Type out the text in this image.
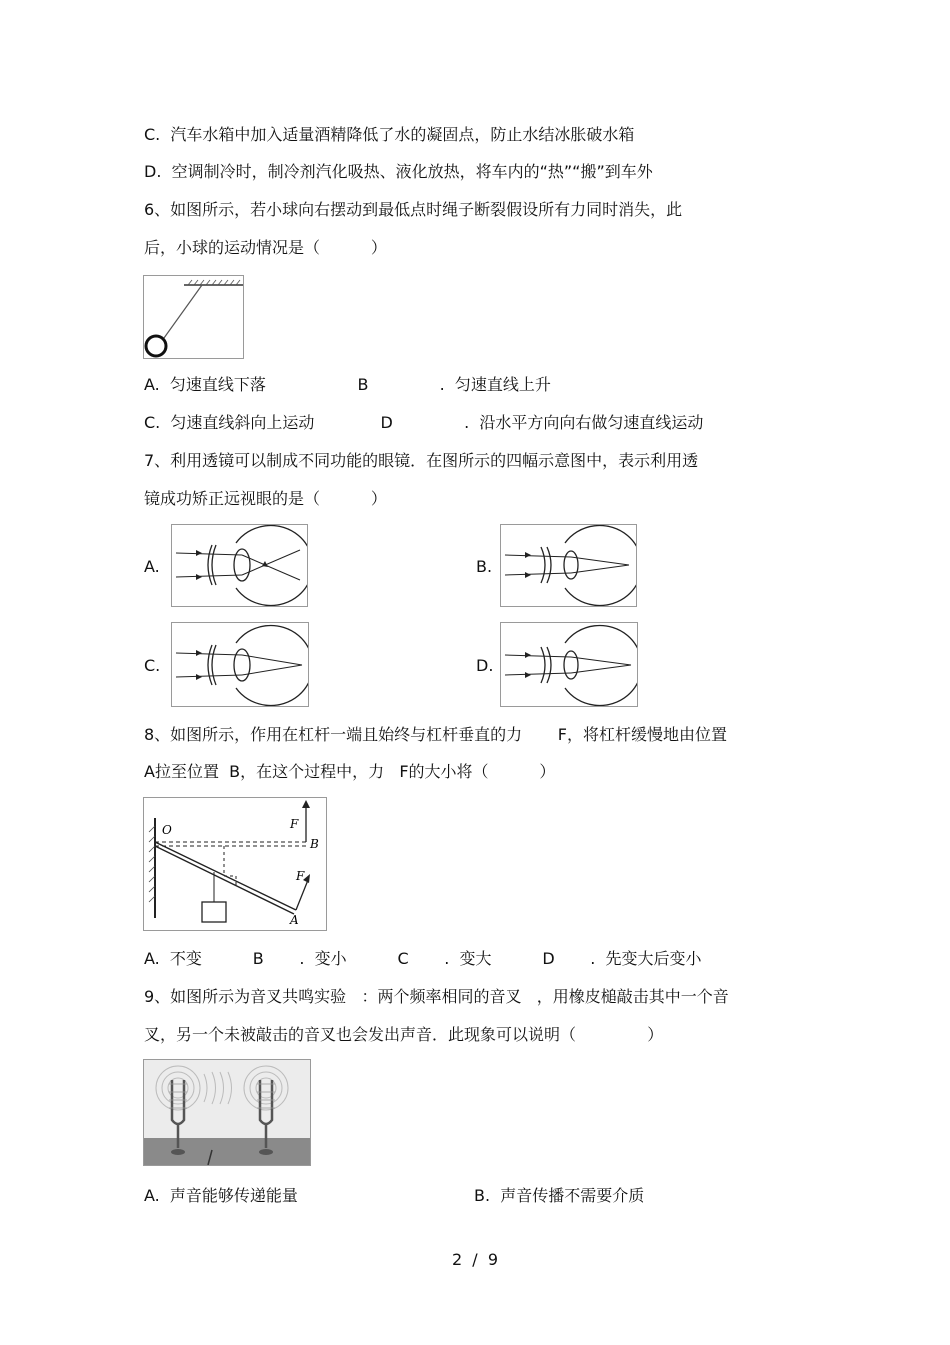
C.  汽车水箱中加入适量酒精降低了水的凝固点，防止水结冰胀破水箱
D.  空调制冷时，制冷剂汽化吸热、液化放热，将车内的“热”“搬”到车外
6、如图所示，若小球向右摆动到最低点时绳子断裂假设所有力同时消失，此
后，小球的运动情况是（          ）
A.  匀速直线下落                  B              .  匀速直线上升
C.  匀速直线斜向上运动             D              .  沿水平方向向右做匀速直线运动
7、利用透镜可以制成不同功能的眼镜．在图所示的四幅示意图中，表示利用透
镜成功矫正远视眼的是（          ）
A.	B.
C.	D.
8、如图所示，作用在杠杆一端且始终与杠杆垂直的力       F，将杠杆缓慢地由位置
A拉至位置  B，在这个过程中，力   F的大小将（          ）
O	F
B
F
A
A.  不变          B       .  变小          C       .  变大          D       .  先变大后变小
9、如图所示为音叉共鸣实验   ：两个频率相同的音叉   ，用橡皮槌敲击其中一个音
叉，另一个未被敲击的音叉也会发出声音．此现象可以说明（              ）
A.  声音能够传递能量	B.  声音传播不需要介质
2  /  9
